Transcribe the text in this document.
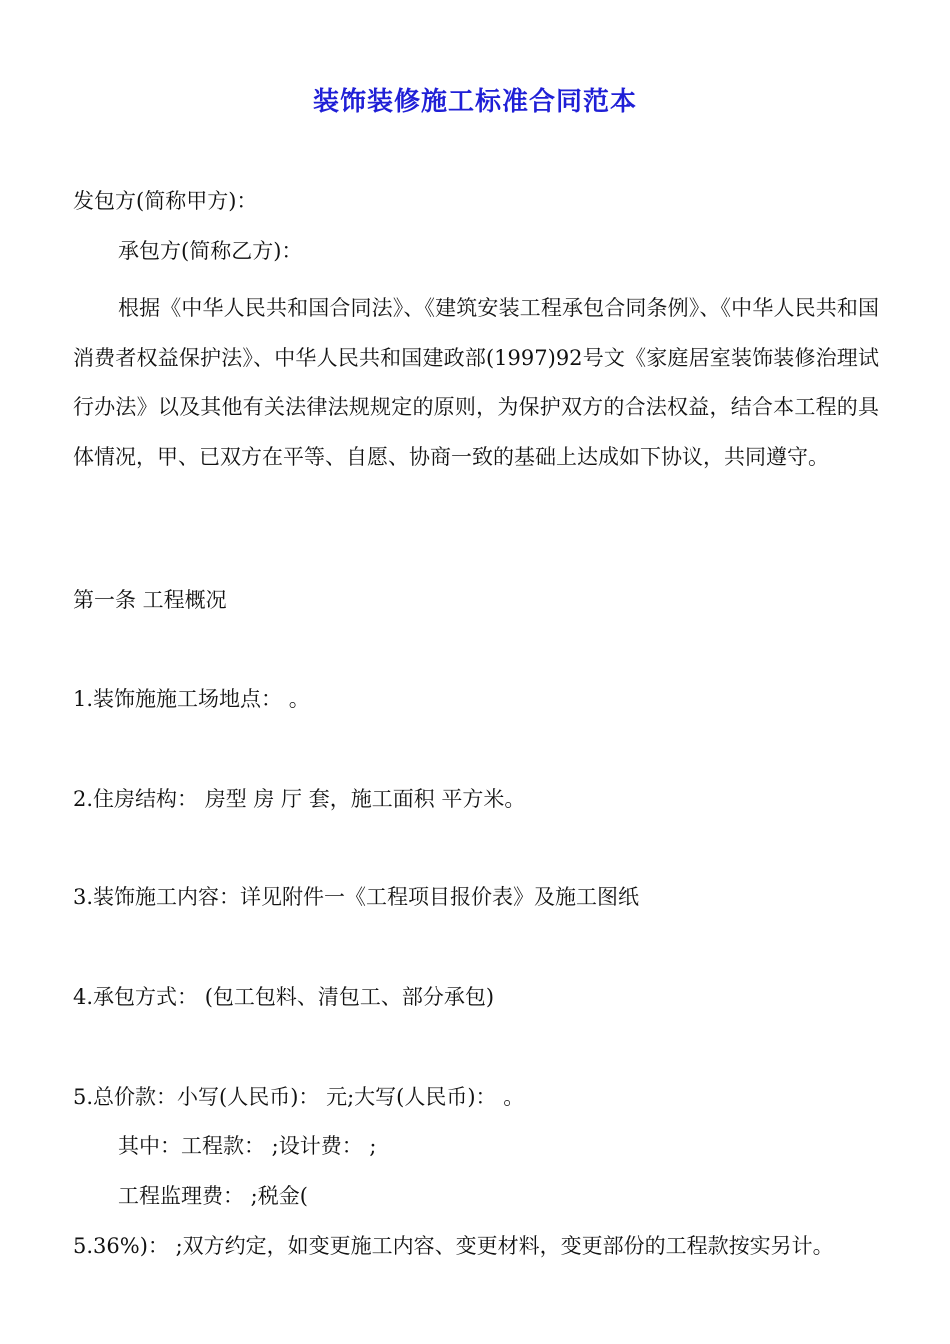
装饰装修施工标准合同范本
发包方(简称甲方)：
承包方(简称乙方)：
根据《中华人民共和国合同法》、《建筑安装工程承包合同条例》、《中华人民共和国消费者权益保护法》、中华人民共和国建政部(1997)92号文《家庭居室装饰装修治理试行办法》以及其他有关法律法规规定的原则，为保护双方的合法权益，结合本工程的具体情况，甲、已双方在平等、自愿、协商一致的基础上达成如下协议，共同遵守。
第一条 工程概况
1.装饰施施工场地点： 。
2.住房结构： 房型 房 厅 套，施工面积 平方米。
3.装饰施工内容：详见附件一《工程项目报价表》及施工图纸
4.承包方式： (包工包料、清包工、部分承包)
5.总价款：小写(人民币)： 元;大写(人民币)： 。
其中：工程款： ;设计费： ;
工程监理费： ;税金(
5.36%)： ;双方约定，如变更施工内容、变更材料，变更部份的工程款按实另计。
